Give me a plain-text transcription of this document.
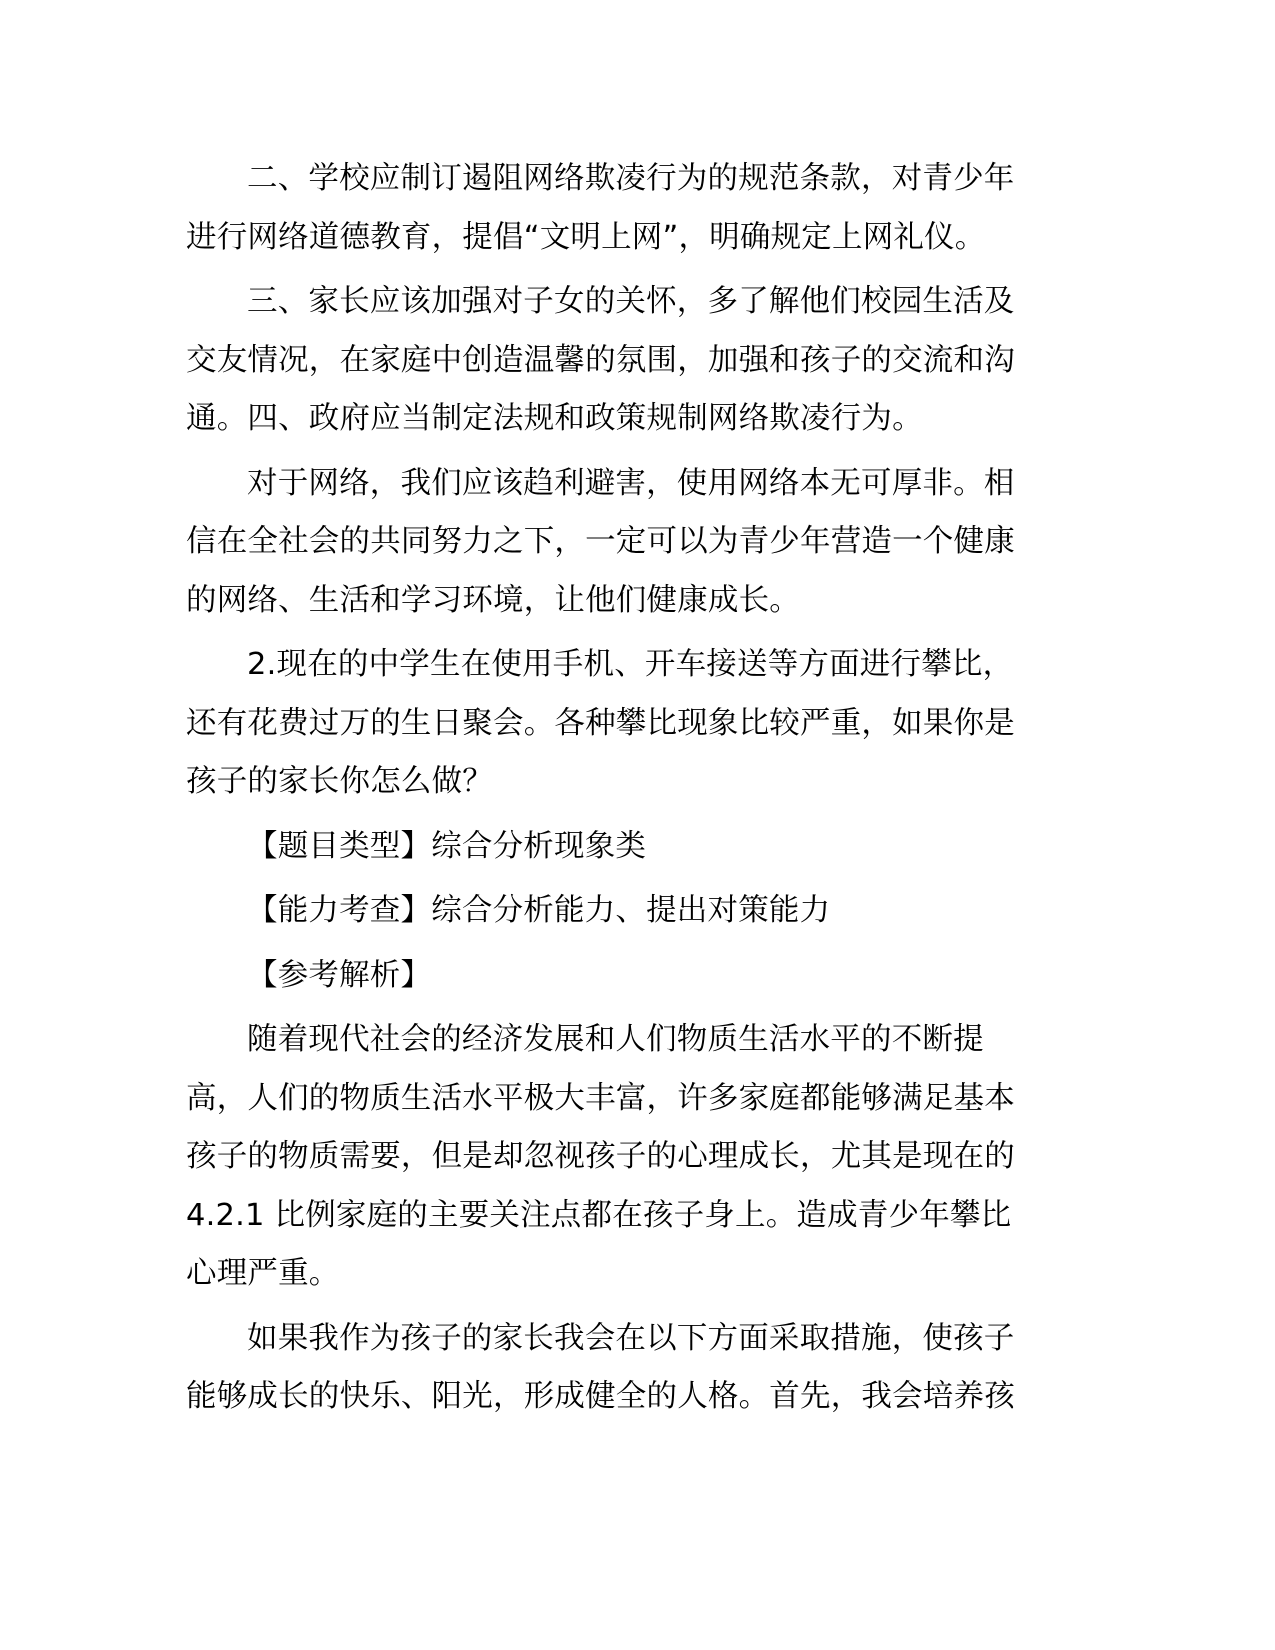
二、学校应制订遏阻网络欺凌行为的规范条款，对青少年
进行网络道德教育，提倡“文明上网”，明确规定上网礼仪。
三、家长应该加强对子女的关怀，多了解他们校园生活及
交友情况，在家庭中创造温馨的氛围，加强和孩子的交流和沟
通。四、政府应当制定法规和政策规制网络欺凌行为。
对于网络，我们应该趋利避害，使用网络本无可厚非。相
信在全社会的共同努力之下，一定可以为青少年营造一个健康
的网络、生活和学习环境，让他们健康成长。
2.现在的中学生在使用手机、开车接送等方面进行攀比，
还有花费过万的生日聚会。各种攀比现象比较严重，如果你是
孩子的家长你怎么做？
【题目类型】综合分析现象类
【能力考查】综合分析能力、提出对策能力
【参考解析】
随着现代社会的经济发展和人们物质生活水平的不断提
高，人们的物质生活水平极大丰富，许多家庭都能够满足基本
孩子的物质需要，但是却忽视孩子的心理成长，尤其是现在的
4.2.1 比例家庭的主要关注点都在孩子身上。造成青少年攀比
心理严重。
如果我作为孩子的家长我会在以下方面采取措施，使孩子
能够成长的快乐、阳光，形成健全的人格。首先，我会培养孩
